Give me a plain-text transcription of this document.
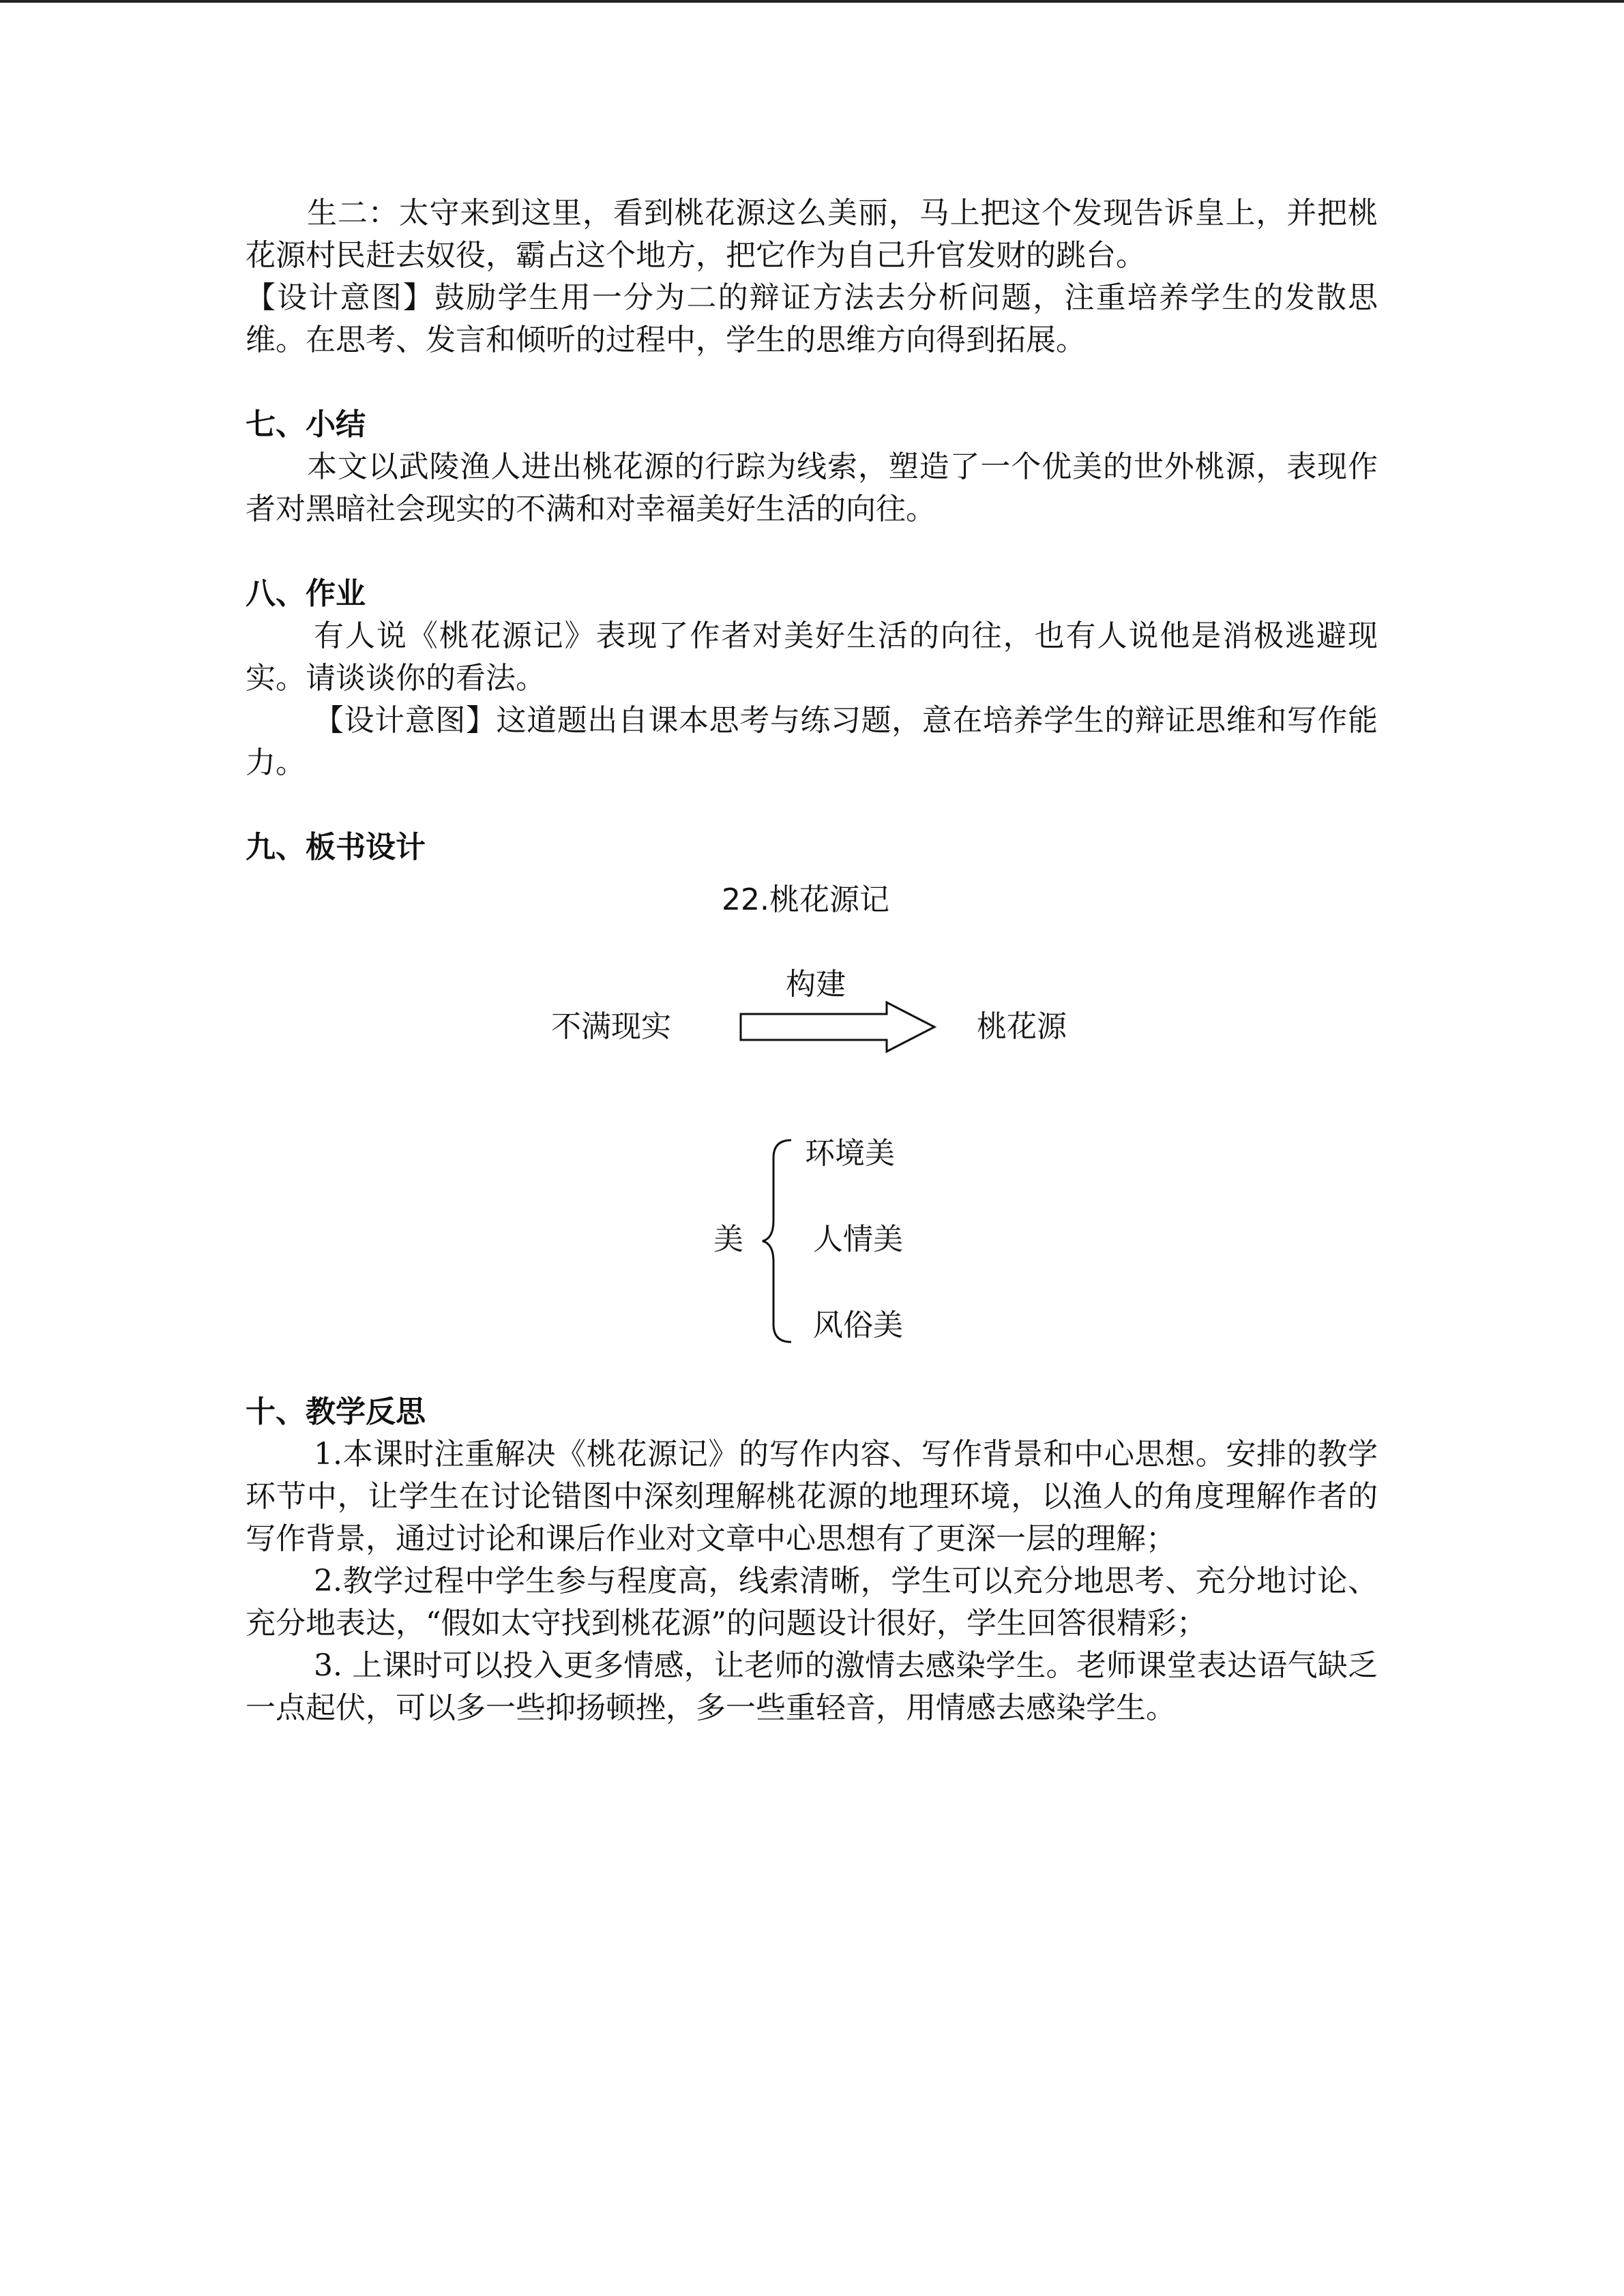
生二：太守来到这里，看到桃花源这么美丽，马上把这个发现告诉皇上，并把桃花源村民赶去奴役，霸占这个地方，把它作为自己升官发财的跳台。

【设计意图】鼓励学生用一分为二的辩证方法去分析问题，注重培养学生的发散思维。在思考、发言和倾听的过程中，学生的思维方向得到拓展。

七、小结

本文以武陵渔人进出桃花源的行踪为线索，塑造了一个优美的世外桃源，表现作者对黑暗社会现实的不满和对幸福美好生活的向往。

八、作业

有人说《桃花源记》表现了作者对美好生活的向往，也有人说他是消极逃避现实。请谈谈你的看法。

【设计意图】这道题出自课本思考与练习题，意在培养学生的辩证思维和写作能力。

九、板书设计

22.桃花源记
不满现实
构建
桃花源
美
环境美
人情美
风俗美

十、教学反思

1.本课时注重解决《桃花源记》的写作内容、写作背景和中心思想。安排的教学环节中，让学生在讨论错图中深刻理解桃花源的地理环境，以渔人的角度理解作者的写作背景，通过讨论和课后作业对文章中心思想有了更深一层的理解；

2.教学过程中学生参与程度高，线索清晰，学生可以充分地思考、充分地讨论、充分地表达，“假如太守找到桃花源”的问题设计很好，学生回答很精彩；

3. 上课时可以投入更多情感，让老师的激情去感染学生。老师课堂表达语气缺乏一点起伏，可以多一些抑扬顿挫，多一些重轻音，用情感去感染学生。
